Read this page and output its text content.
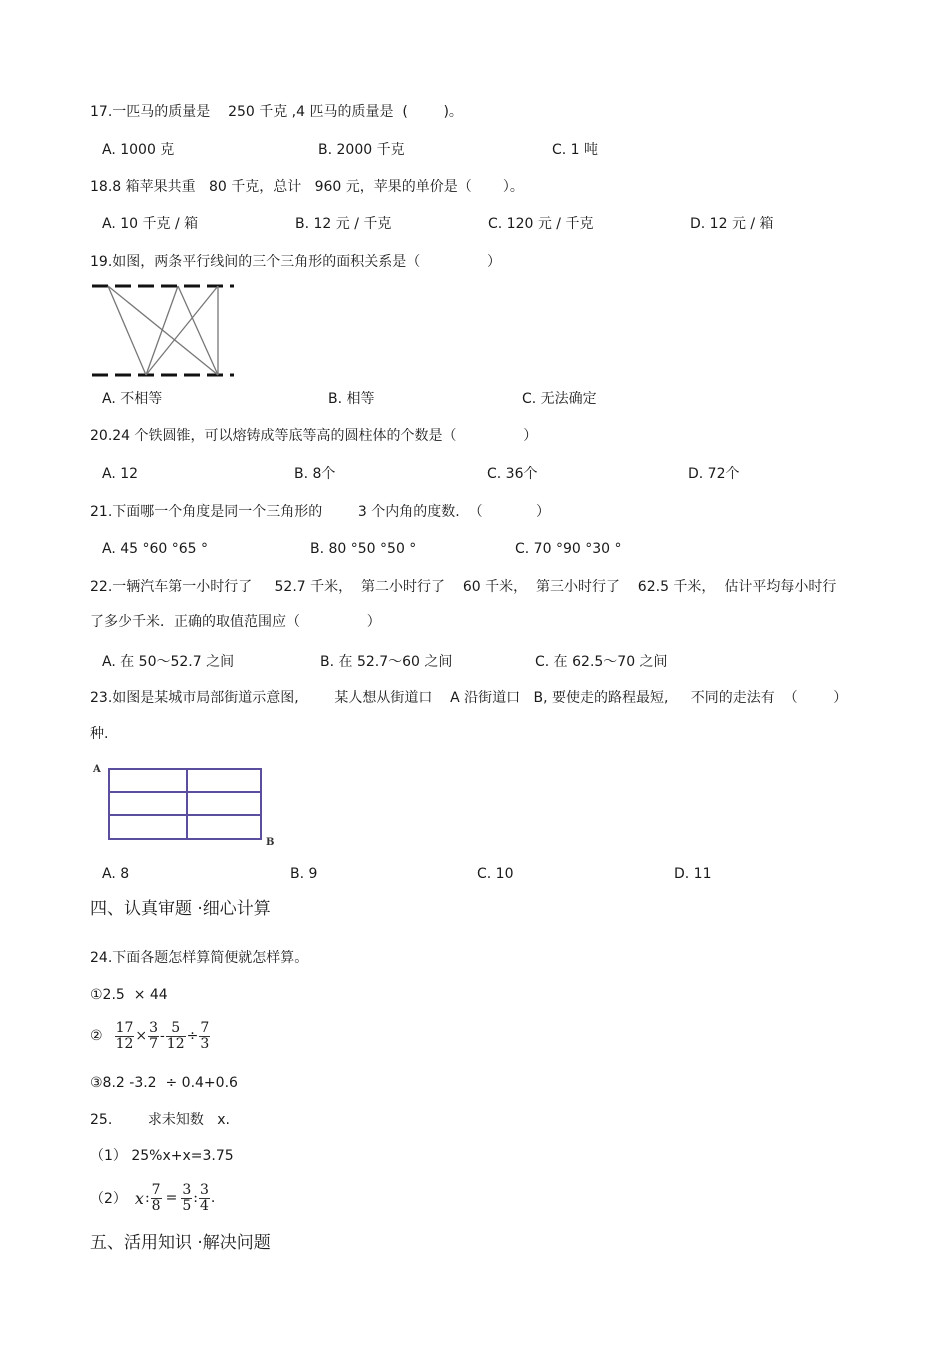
17.一匹马的质量是    250 千克 ,4 匹马的质量是  (        )。
A. 1000 克	B. 2000 千克	C. 1 吨
18.8 箱苹果共重   80 千克，总计   960 元，苹果的单价是（       ）。
A. 10 千克 / 箱	B. 12 元 / 千克	C. 120 元 / 千克	D. 12 元 / 箱
19.如图，两条平行线间的三个三角形的面积关系是（               ）
A. 不相等	B. 相等	C. 无法确定
20.24 个铁圆锥，可以熔铸成等底等高的圆柱体的个数是（               ）
A. 12	B. 8个	C. 36个	D. 72个
21.下面哪一个角度是同一个三角形的        3 个内角的度数.  （            ）
A. 45 °60 °65 °	B. 80 °50 °50 °	C. 70 °90 °30 °
22.一辆汽车第一小时行了     52.7 千米，  第二小时行了    60 千米，  第三小时行了    62.5 千米，  估计平均每小时行
了多少千米．正确的取值范围应（               ）
A. 在 50～52.7 之间	B. 在 52.7～60 之间	C. 在 62.5～70 之间
23.如图是某城市局部街道示意图,        某人想从街道口    A 沿街道口   B, 要使走的路程最短,     不同的走法有  （        ）
种.
A
B
A. 8	B. 9	C. 10	D. 11
四、认真审题 ·细心计算
24.下面各题怎样算简便就怎样算。
①2.5  × 44
② $\frac{17}{12} \times \frac{3}{7} - \frac{5}{12} \div \frac{7}{3}$
③8.2 -3.2  ÷ 0.4+0.6
25.        求未知数   x.
（1） 25%x+x=3.75
（2） x : $\frac{7}{8} = \frac{3}{5}$ : $\frac{3}{4}$ .
五、活用知识 ·解决问题
